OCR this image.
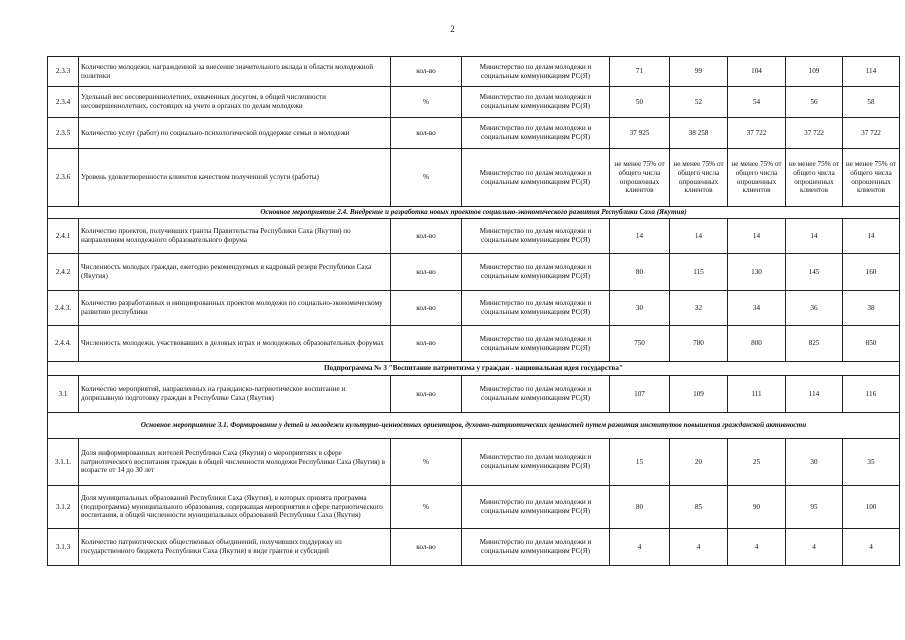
2
2.3.3	Количество молодежи, награжденной за внесение значительного вклада в области молодежной политики	кол-во	Министерство по делам молодежи и социальным коммуникациям РС(Я)	71	99	104	109	114
2.3.4	Удельный вес несовершеннолетних, охваченных досугом, в общей численности несовершеннолетних, состоящих на учете в органах по делам молодежи	%	Министерство по делам молодежи и социальным коммуникациям РС(Я)	50	52	54	56	58
2.3.5	Количество услуг (работ) по социально-психологической поддержке семьи и молодежи	кол-во	Министерство по делам молодежи и социальным коммуникациям РС(Я)	37 925	38 258	37 722	37 722	37 722
2.3.6	Уровень удовлетворенности клиентов качеством полученной услуги (работы)	%	Министерство по делам молодежи и социальным коммуникациям РС(Я)	не менее 75% от общего числа опрошенных клиентов	не менее 75% от общего числа опрошенных клиентов	не менее 75% от общего числа опрошенных клиентов	не менее 75% от общего числа опрошенных клиентов	не менее 75% от общего числа опрошенных клиентов
Основное мероприятие 2.4. Внедрение и разработка новых проектов социально-экономического развития Республики Саха (Якутия)								
2.4.1	Количество проектов, получивших гранты Правительства Республики Саха (Якутия) по направлениям молодежного образовательного форума	кол-во	Министерство по делам молодежи и социальным коммуникациям РС(Я)	14	14	14	14	14
2.4.2	Численность молодых граждан, ежегодно рекомендуемых в кадровый резерв Республики Саха (Якутия)	кол-во	Министерство по делам молодежи и социальным коммуникациям РС(Я)	80	115	130	145	160
2.4.3.	Количество разработанных и инициированных проектов молодежи по социально-экономическому развитию республики	кол-во	Министерство по делам молодежи и социальным коммуникациям РС(Я)	30	32	34	36	38
2.4.4.	Численность молодежи, участвовавших в деловых играх и молодежных образовательных форумах	кол-во	Министерство по делам молодежи и социальным коммуникациям РС(Я)	750	780	800	825	850
Подпрограмма № 3 "Воспитание патриотизма у граждан - национальная идея государства"								
3.1	Количество мероприятий, направленных на гражданско-патриотическое воспитание и допризывную подготовку граждан в Республике Саха (Якутия)	кол-во	Министерство по делам молодежи и социальным коммуникациям РС(Я)	107	109	111	114	116
Основное мероприятие 3.1. Формирование у детей и молодежи культурно-ценностных ориентиров, духовно-патриотических ценностей путем развития институтов повышения гражданской активности								
3.1.1.	Доля информированных жителей Республики Саха (Якутия) о мероприятиях в сфере патриотического воспитания граждан в общей численности молодежи Республики Саха (Якутия) в возрасте от 14 до 30 лет	%	Министерство по делам молодежи и социальным коммуникациям РС(Я)	15	20	25	30	35
3.1.2	Доля муниципальных образований Республики Саха (Якутия), в которых принята программа (подпрограмма) муниципального образования, содержащая мероприятия в сфере патриотического воспитания, в общей численности муниципальных образований Республики Саха (Якутия)	%	Министерство по делам молодежи и социальным коммуникациям РС(Я)	80	85	90	95	100
3.1.3	Количество патриотических общественных объединений, получивших поддержку из государственного бюджета Республики Саха (Якутия) в виде грантов и субсидий	кол-во	Министерство по делам молодежи и социальным коммуникациям РС(Я)	4	4	4	4	4
